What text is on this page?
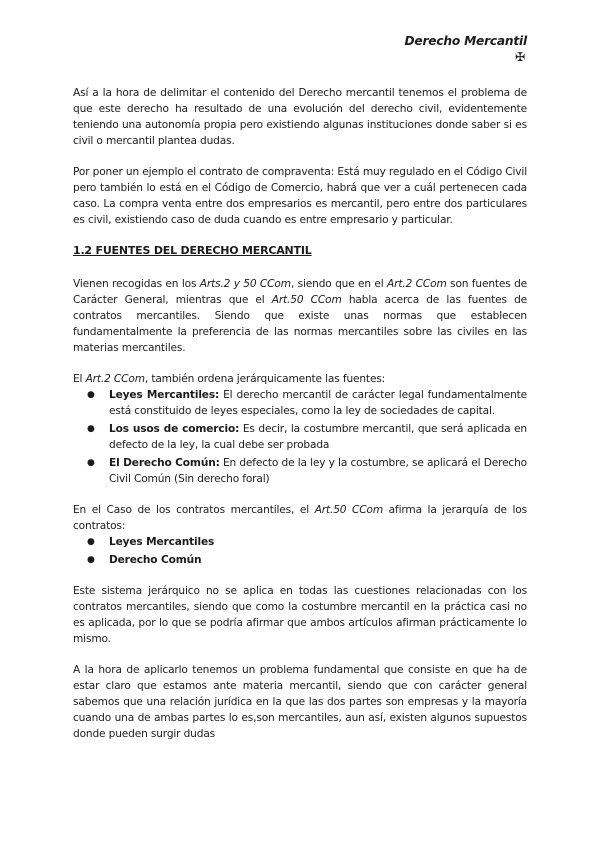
Derecho Mercantil
✠

Así a la hora de delimitar el contenido del Derecho mercantil tenemos el problema de que este derecho ha resultado de una evolución del derecho civil, evidentemente teniendo una autonomía propia pero existiendo algunas instituciones donde saber si es civil o mercantil plantea dudas.

Por poner un ejemplo el contrato de compraventa: Está muy regulado en el Código Civil pero también lo está en el Código de Comercio, habrá que ver a cuál pertenecen cada caso. La compra venta entre dos empresarios es mercantil, pero entre dos particulares es civil, existiendo caso de duda cuando es entre empresario y particular.

1.2 FUENTES DEL DERECHO MERCANTIL

Vienen recogidas en los Arts.2 y 50 CCom, siendo que en el Art.2 CCom son fuentes de Carácter General, mientras que el Art.50 CCom habla acerca de las fuentes de contratos mercantiles. Siendo que existe unas normas que establecen fundamentalmente la preferencia de las normas mercantiles sobre las civiles en las materias mercantiles.

El Art.2 CCom, también ordena jerárquicamente las fuentes:

● Leyes Mercantiles: El derecho mercantil de carácter legal fundamentalmente está constituido de leyes especiales, como la ley de sociedades de capital.
● Los usos de comercio: Es decir, la costumbre mercantil, que será aplicada en defecto de la ley, la cual debe ser probada
● El Derecho Común: En defecto de la ley y la costumbre, se aplicará el Derecho Civil Común (Sin derecho foral)

En el Caso de los contratos mercantiles, el Art.50 CCom afirma la jerarquía de los contratos:

● Leyes Mercantiles
● Derecho Común

Este sistema jerárquico no se aplica en todas las cuestiones relacionadas con los contratos mercantiles, siendo que como la costumbre mercantil en la práctica casi no es aplicada, por lo que se podría afirmar que ambos artículos afirman prácticamente lo mismo.

A la hora de aplicarlo tenemos un problema fundamental que consiste en que ha de estar claro que estamos ante materia mercantil, siendo que con carácter general sabemos que una relación jurídica en la que las dos partes son empresas y la mayoría cuando una de ambas partes lo es,son mercantiles, aun así, existen algunos supuestos donde pueden surgir dudas
